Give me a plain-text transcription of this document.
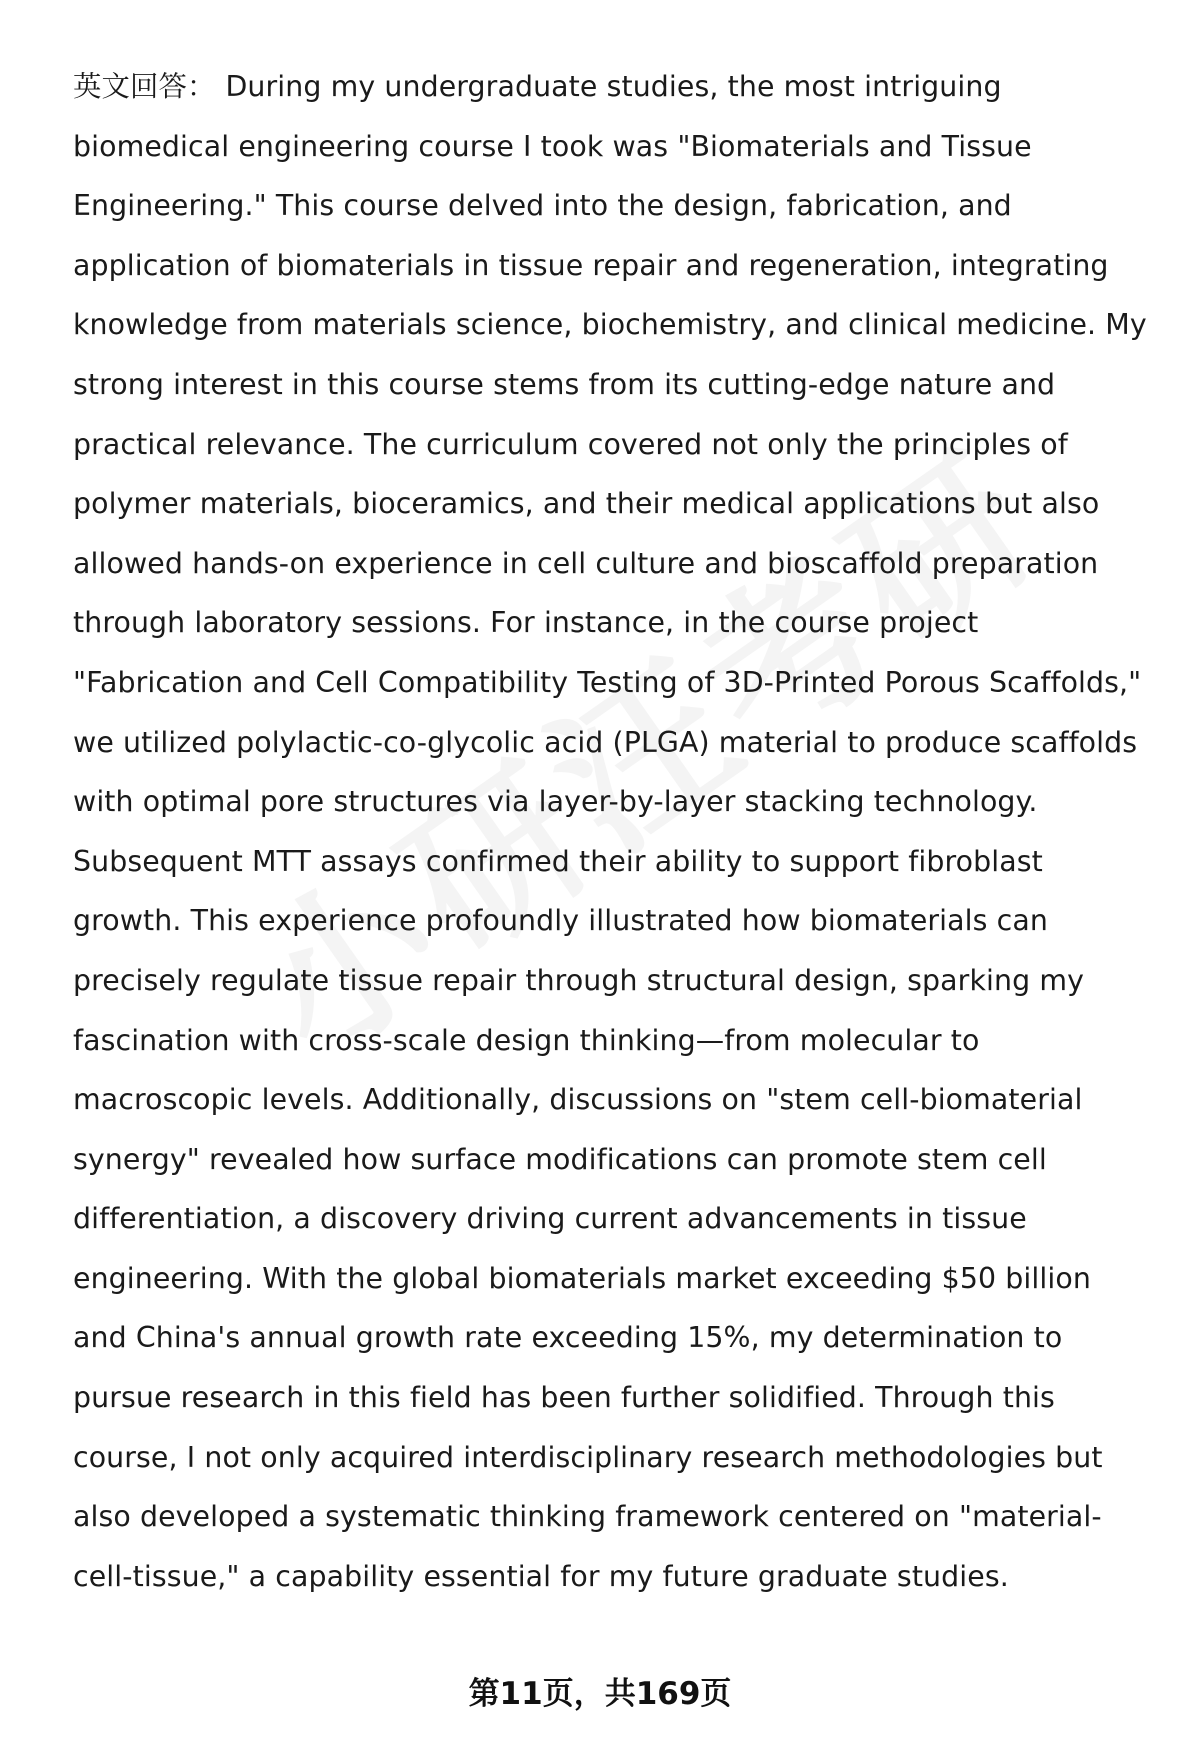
英文回答： During my undergraduate studies, the most intriguing biomedical engineering course I took was "Biomaterials and Tissue Engineering." This course delved into the design, fabrication, and application of biomaterials in tissue repair and regeneration, integrating knowledge from materials science, biochemistry, and clinical medicine. My strong interest in this course stems from its cutting-edge nature and practical relevance. The curriculum covered not only the principles of polymer materials, bioceramics, and their medical applications but also allowed hands-on experience in cell culture and bioscaffold preparation through laboratory sessions. For instance, in the course project "Fabrication and Cell Compatibility Testing of 3D-Printed Porous Scaffolds," we utilized polylactic-co-glycolic acid (PLGA) material to produce scaffolds with optimal pore structures via layer-by-layer stacking technology. Subsequent MTT assays confirmed their ability to support fibroblast growth. This experience profoundly illustrated how biomaterials can precisely regulate tissue repair through structural design, sparking my fascination with cross-scale design thinking—from molecular to macroscopic levels. Additionally, discussions on "stem cell-biomaterial synergy" revealed how surface modifications can promote stem cell differentiation, a discovery driving current advancements in tissue engineering. With the global biomaterials market exceeding $50 billion and China's annual growth rate exceeding 15%, my determination to pursue research in this field has been further solidified. Through this course, I not only acquired interdisciplinary research methodologies but also developed a systematic thinking framework centered on "material-cell-tissue," a capability essential for my future graduate studies.

第11页，共169页
